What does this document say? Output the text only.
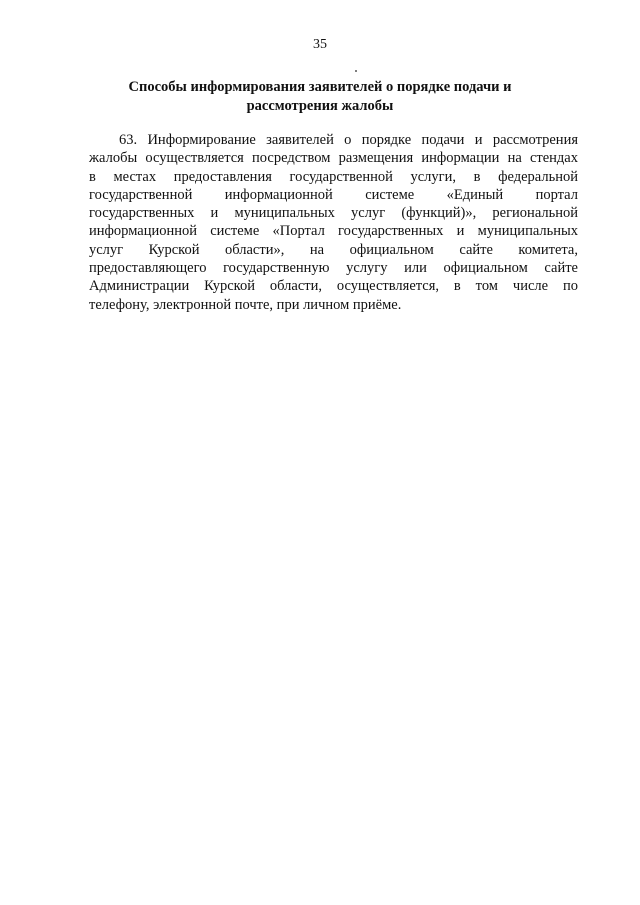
35
Способы информирования заявителей о порядке подачи и
рассмотрения жалобы
63. Информирование заявителей о порядке подачи и рассмотрения
жалобы осуществляется посредством размещения информации на стендах
в местах предоставления государственной услуги, в федеральной
государственной информационной системе «Единый портал
государственных и муниципальных услуг (функций)», региональной
информационной системе «Портал государственных и муниципальных
услуг Курской области», на официальном сайте комитета,
предоставляющего государственную услугу или официальном сайте
Администрации Курской области, осуществляется, в том числе по
телефону, электронной почте, при личном приёме.
